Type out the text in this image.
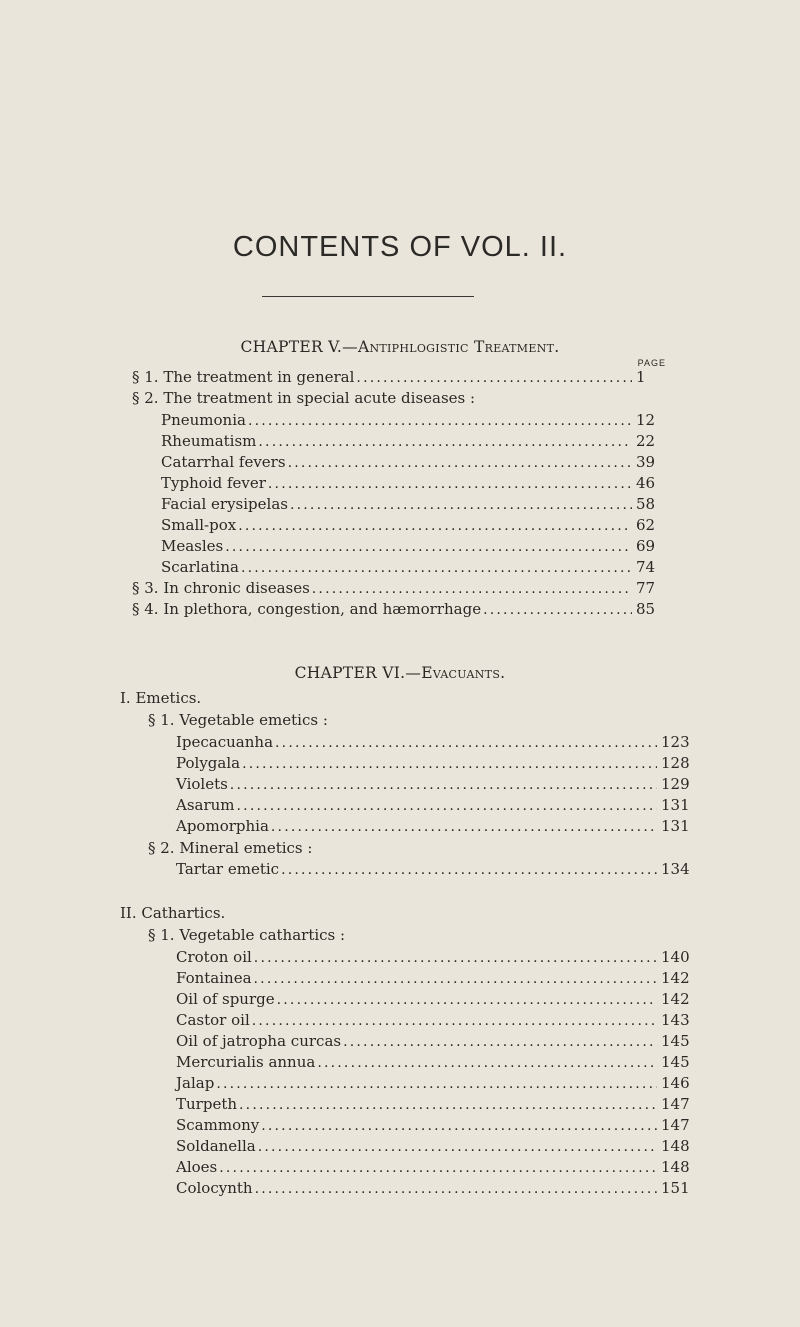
CONTENTS OF VOL. II.
CHAPTER V.—Antiphlogistic Treatment.
PAGE
§ 1. The treatment in general .....	1
§ 2. The treatment in special acute diseases :
Pneumonia .....	12
Rheumatism .....	22
Catarrhal fevers .....	39
Typhoid fever .....	46
Facial erysipelas .....	58
Small-pox .....	62
Measles .....	69
Scarlatina .....	74
§ 3. In chronic diseases .....	77
§ 4. In plethora, congestion, and hæmorrhage .....	85
CHAPTER VI.—Evacuants.
I. Emetics.
§ 1. Vegetable emetics :
Ipecacuanha .....	123
Polygala .....	128
Violets .....	129
Asarum .....	131
Apomorphia .....	131
§ 2. Mineral emetics :
Tartar emetic .....	134
II. Cathartics.
§ 1. Vegetable cathartics :
Croton oil .....	140
Fontainea .....	142
Oil of spurge .....	142
Castor oil .....	143
Oil of jatropha curcas .....	145
Mercurialis annua .....	145
Jalap .....	146
Turpeth .....	147
Scammony .....	147
Soldanella .....	148
Aloes .....	148
Colocynth .....	151
